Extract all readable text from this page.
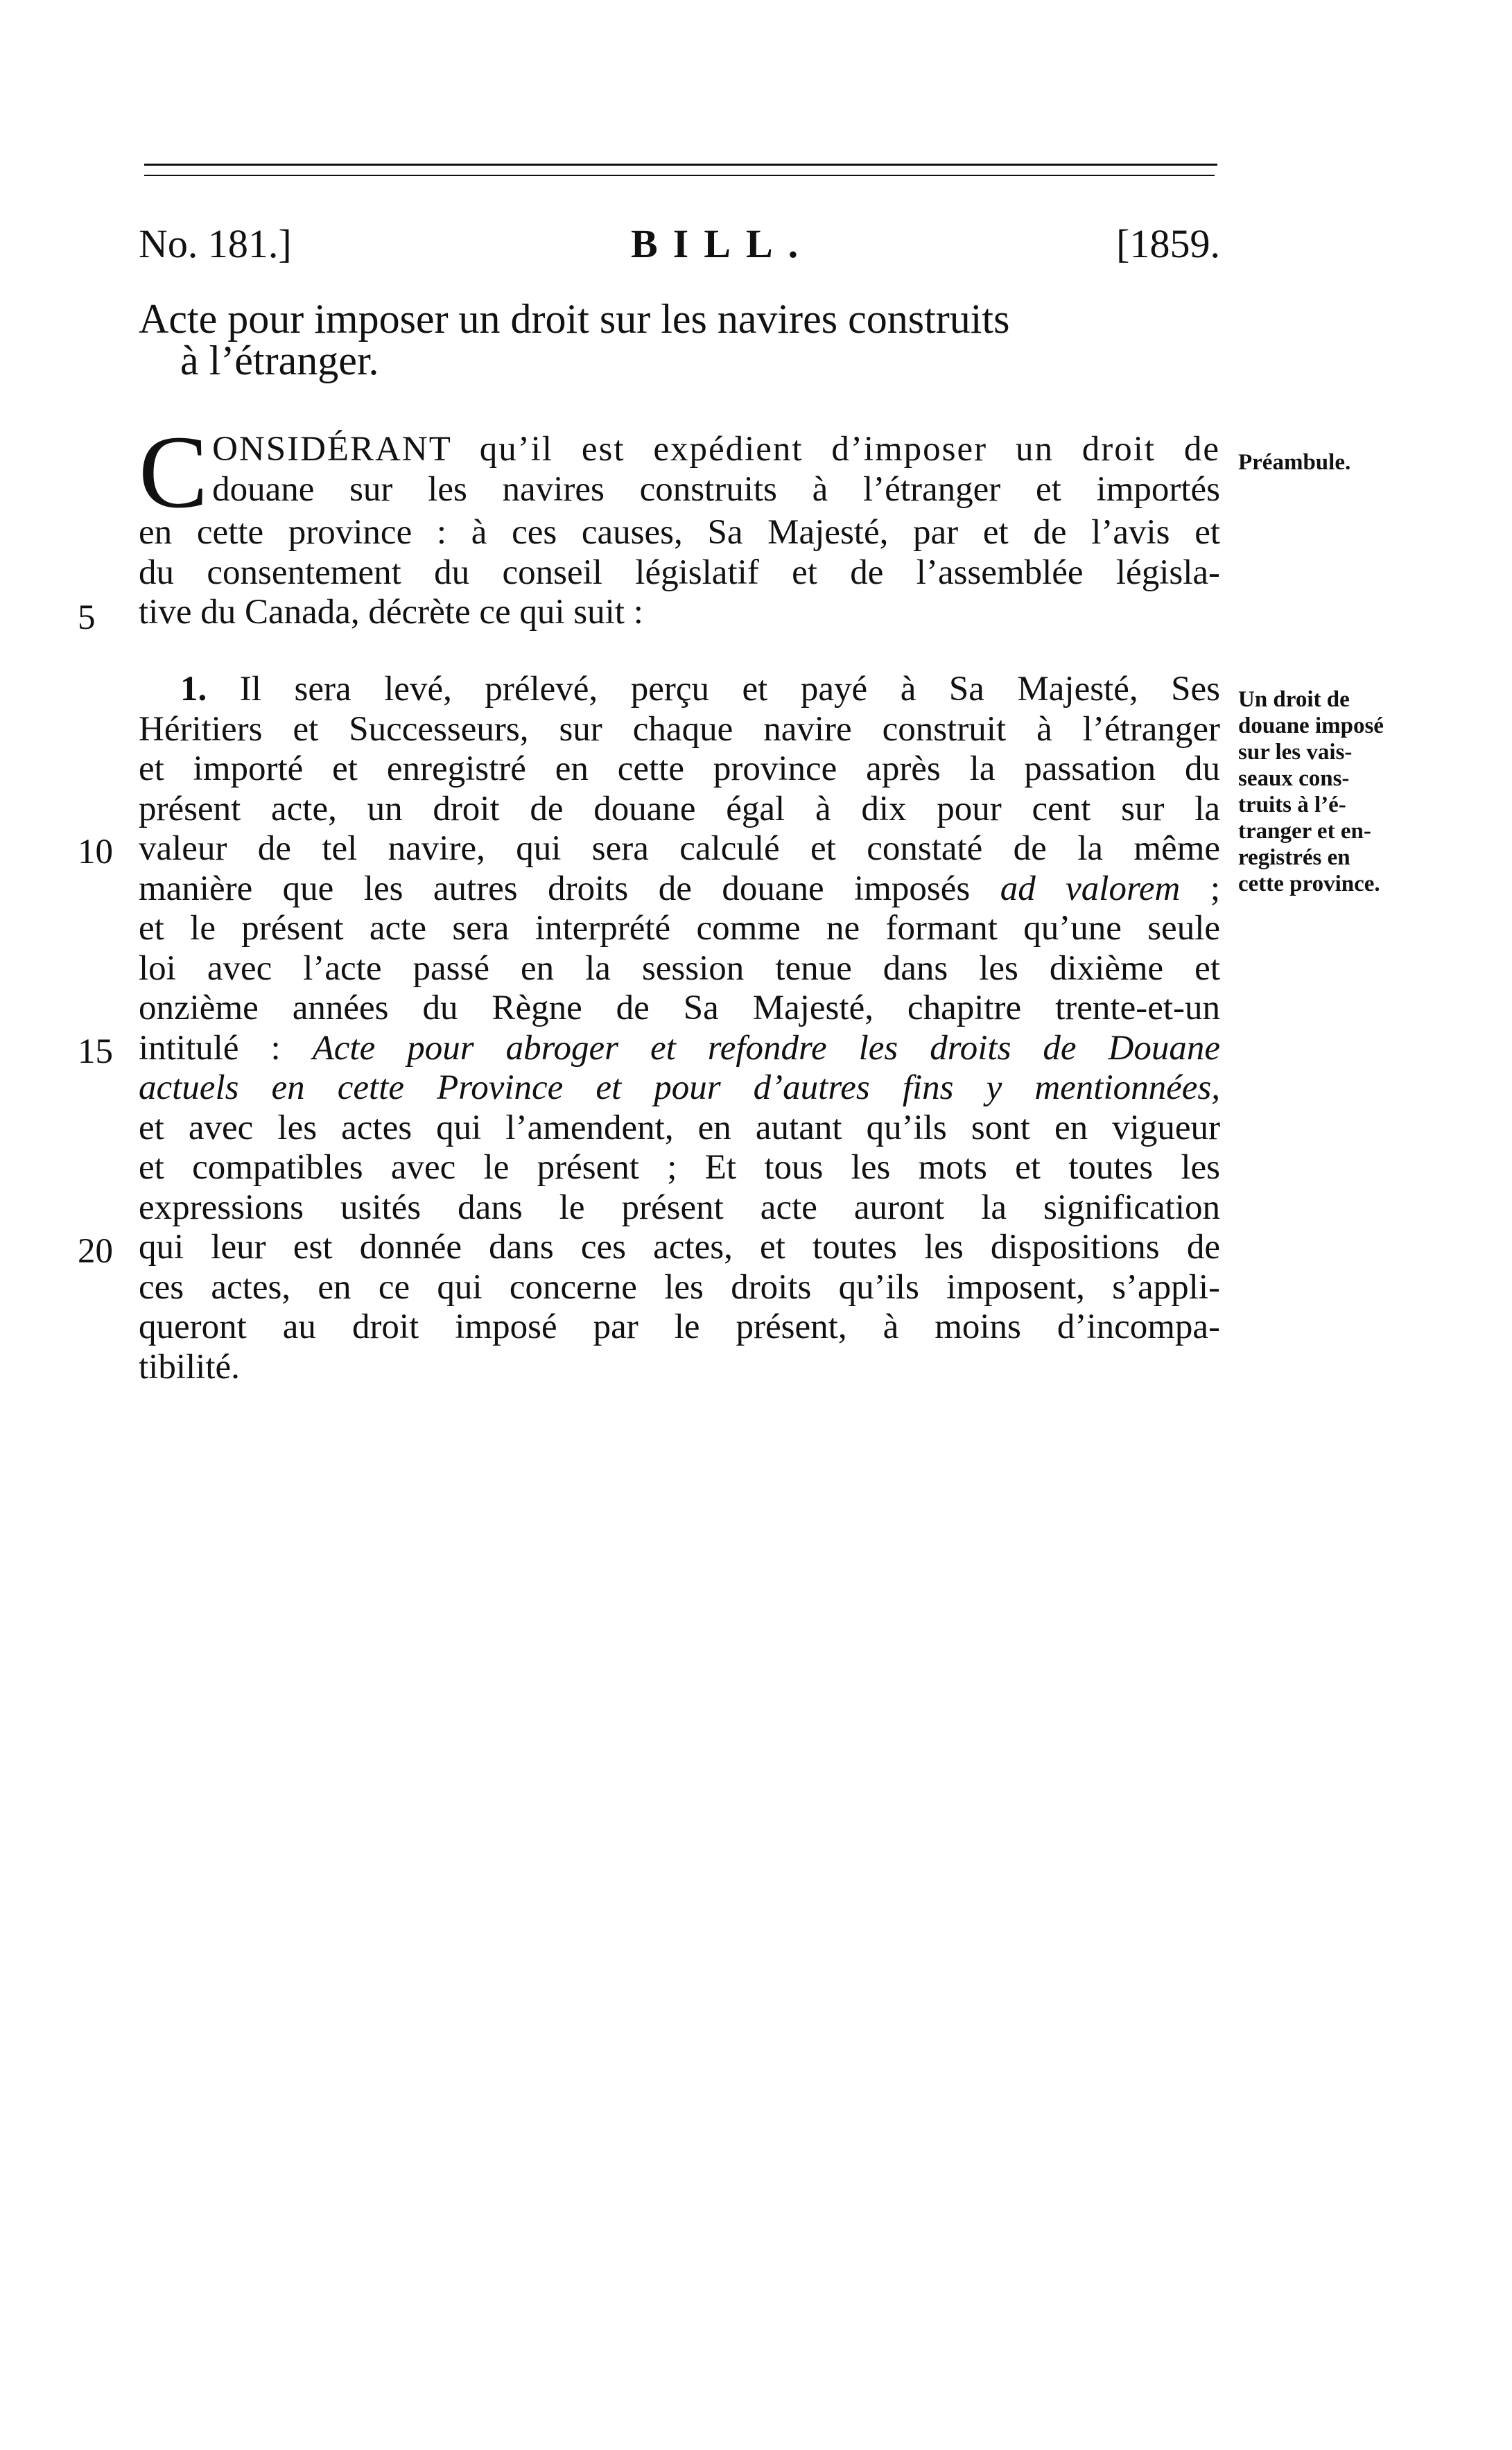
No. 181.]	BILL.	[1859.
Acte pour imposer un droit sur les navires construits
à l’étranger.
C ONSIDÉRANT qu’il est expédient d’imposer un droit de
douane sur les navires construits à l’étranger et importés
en cette province : à ces causes, Sa Majesté, par et de l’avis et
du consentement du conseil législatif et de l’assemblée législa-
tive du Canada, décrète ce qui suit :
Préambule.
5
1. Il sera levé, prélevé, perçu et payé à Sa Majesté, Ses
Héritiers et Successeurs, sur chaque navire construit à l’étranger
et importé et enregistré en cette province après la passation du
présent acte, un droit de douane égal à dix pour cent sur la
valeur de tel navire, qui sera calculé et constaté de la même
manière que les autres droits de douane imposés ad valorem ;
et le présent acte sera interprété comme ne formant qu’une seule
loi avec l’acte passé en la session tenue dans les dixième et
onzième années du Règne de Sa Majesté, chapitre trente-et-un
intitulé : Acte pour abroger et refondre les droits de Douane
actuels en cette Province et pour d’autres fins y mentionnées,
et avec les actes qui l’amendent, en autant qu’ils sont en vigueur
et compatibles avec le présent ; Et tous les mots et toutes les
expressions usités dans le présent acte auront la signification
qui leur est donnée dans ces actes, et toutes les dispositions de
ces actes, en ce qui concerne les droits qu’ils imposent, s’appli-
queront au droit imposé par le présent, à moins d’incompa-
tibilité.
Un droit de
douane imposé
sur les vais-
seaux cons-
truits à l’é-
tranger et en-
registrés en
cette province.
10
15
20
